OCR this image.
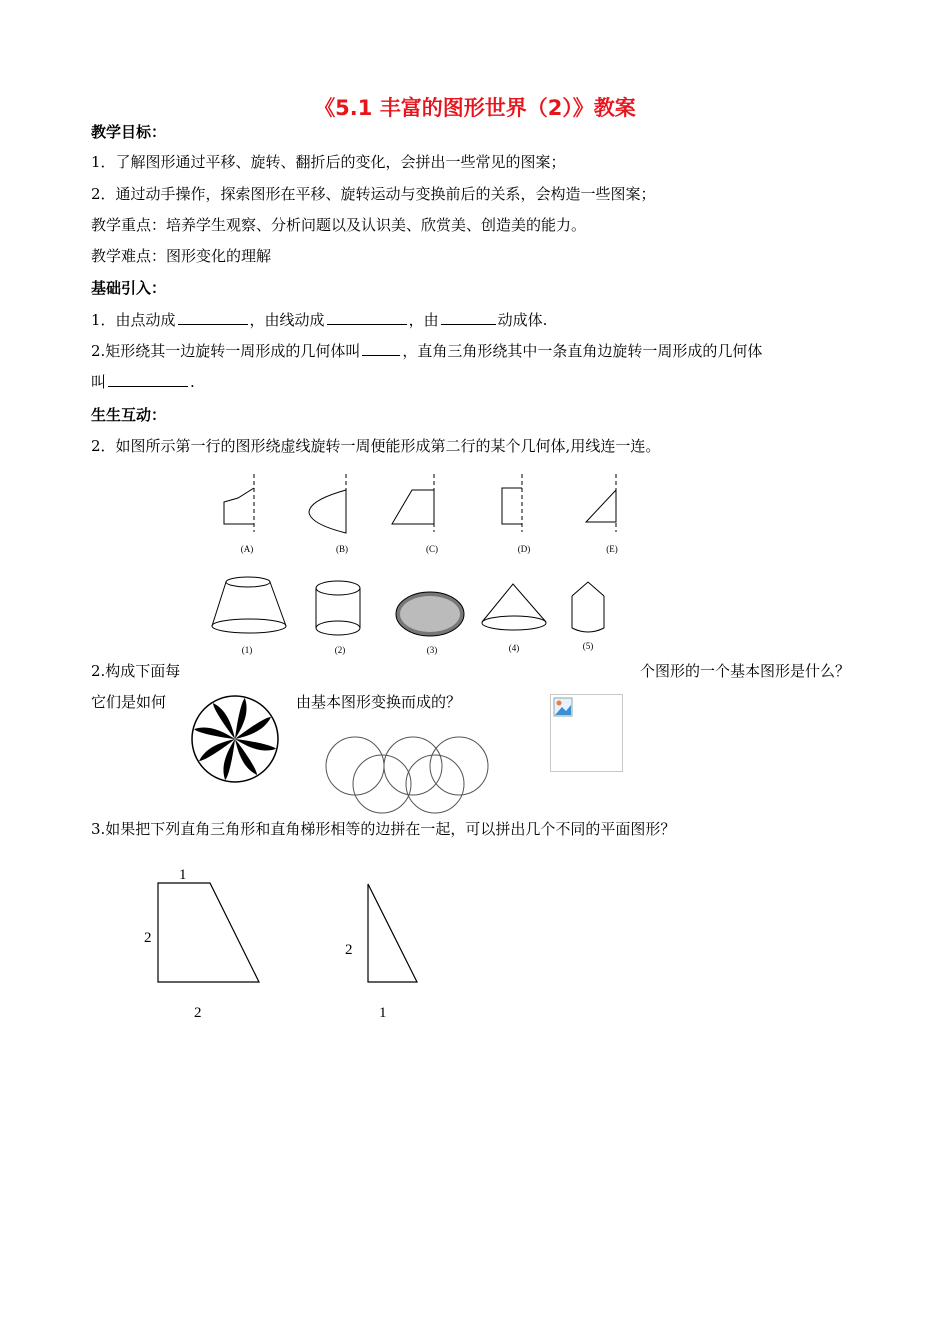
《5.1 丰富的图形世界（2）》教案
教学目标：
1．了解图形通过平移、旋转、翻折后的变化，会拼出一些常见的图案；
2．通过动手操作，探索图形在平移、旋转运动与变换前后的关系，会构造一些图案；
教学重点：培养学生观察、分析问题以及认识美、欣赏美、创造美的能力。
教学难点：图形变化的理解
基础引入：
1．由点动成	，由线动成	，由	动成体.
2.矩形绕其一边旋转一周形成的几何体叫	，直角三角形绕其中一条直角边旋转一周形成的几何体
叫	.
生生互动：
2．如图所示第一行的图形绕虚线旋转一周便能形成第二行的某个几何体,用线连一连。
(A)	(B)	(C)	(D)	(E)
(1)	(2)	(3)	(4)	(5)
2.构成下面每	个图形的一个基本图形是什么？
它们是如何	由基本图形变换而成的？
3.如果把下列直角三角形和直角梯形相等的边拼在一起，可以拼出几个不同的平面图形？
1
2
2
2
1
